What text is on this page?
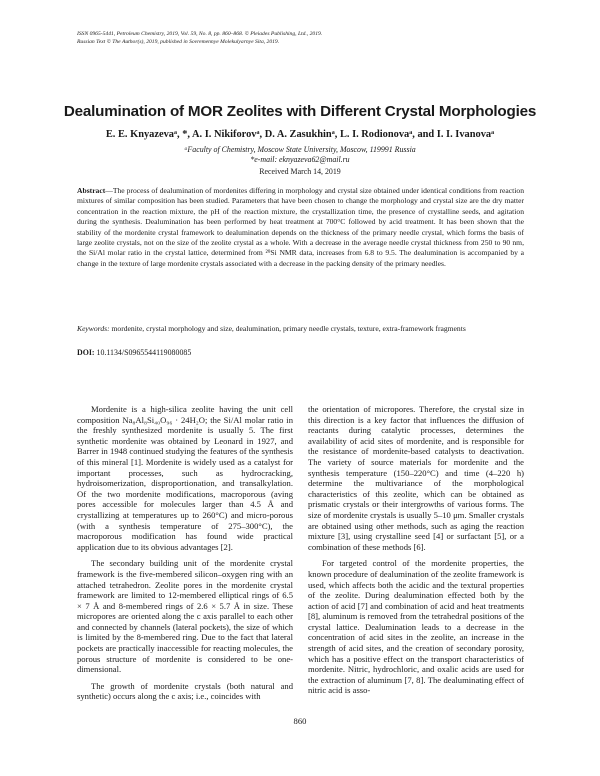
ISSN 0965-5441, Petroleum Chemistry, 2019, Vol. 59, No. 8, pp. 860–868. © Pleiades Publishing, Ltd., 2019.
Russian Text © The Author(s), 2019, published in Sovremennye Molekulyarnye Sita, 2019.
Dealumination of MOR Zeolites with Different Crystal Morphologies
E. E. Knyazevaᵃ, *, A. I. Nikiforovᵃ, D. A. Zasukhinᵃ, L. I. Rodionovaᵃ, and I. I. Ivanovaᵃ
ᵃFaculty of Chemistry, Moscow State University, Moscow, 119991 Russia
*e-mail: eknyazeva62@mail.ru
Received March 14, 2019

Abstract—The process of dealumination of mordenites differing in morphology and crystal size obtained under identical conditions from reaction mixtures of similar composition has been studied. Parameters that have been chosen to change the morphology and crystal size are the dry matter concentration in the reaction mixture, the pH of the reaction mixture, the crystallization time, the presence of crystalline seeds, and agitation during the synthesis. Dealumination has been performed by heat treatment at 700°C followed by acid treatment. It has been shown that the stability of the mordenite crystal framework to dealumination depends on the thickness of the primary needle crystal, which forms the basis of large zeolite crystals, not on the size of the zeolite crystal as a whole. With a decrease in the average needle crystal thickness from 250 to 90 nm, the Si/Al molar ratio in the crystal lattice, determined from ²⁹Si NMR data, increases from 6.8 to 9.5. The dealumination is accompanied by a change in the texture of large mordenite crystals associated with a decrease in the packing density of the primary needles.

Keywords: mordenite, crystal morphology and size, dealumination, primary needle crystals, texture, extra-framework fragments

DOI: 10.1134/S0965544119080085

Mordenite is a high-silica zeolite having the unit cell composition Na₈Al₈Si₄₀O₉₆ · 24H₂O; the Si/Al molar ratio in the freshly synthesized mordenite is usually 5. The first synthetic mordenite was obtained by Leonard in 1927, and Barrer in 1948 continued studying the features of the synthesis of this mineral [1]. Mordenite is widely used as a catalyst for important processes, such as hydrocracking, hydroisomerization, disproportionation, and transalkylation. Of the two mordenite modifications, macroporous (aving pores accessible for molecules larger than 4.5 Å and crystallizing at temperatures up to 260°C) and micro-porous (with a synthesis temperature of 275–300°C), the macroporous modification has found wide practical application due to its obvious advantages [2].

The secondary building unit of the mordenite crystal framework is the five-membered silicon–oxygen ring with an attached tetrahedron. Zeolite pores in the mordenite crystal framework are limited to 12-membered elliptical rings of 6.5 × 7 Å and 8-membered rings of 2.6 × 5.7 Å in size. These micropores are oriented along the c axis parallel to each other and connected by channels (lateral pockets), the size of which is limited by the 8-membered ring. Due to the fact that lateral pockets are practically inaccessible for reacting molecules, the porous structure of mordenite is considered to be one-dimensional.

The growth of mordenite crystals (both natural and synthetic) occurs along the c axis; i.e., coincides with

the orientation of micropores. Therefore, the crystal size in this direction is a key factor that influences the diffusion of reactants during catalytic processes, determines the availability of acid sites of mordenite, and is responsible for the resistance of mordenite-based catalysts to deactivation. The variety of source materials for mordenite and the synthesis temperature (150–220°C) and time (4–220 h) determine the multivariance of the morphological characteristics of this zeolite, which can be obtained as prismatic crystals or their intergrowths of various forms. The size of mordenite crystals is usually 5–10 μm. Smaller crystals are obtained using other methods, such as aging the reaction mixture [3], using crystalline seed [4] or surfactant [5], or a combination of these methods [6].

For targeted control of the mordenite properties, the known procedure of dealumination of the zeolite framework is used, which affects both the acidic and the textural properties of the zeolite. During dealumination effected both by the action of acid [7] and combination of acid and heat treatments [8], aluminum is removed from the tetrahedral positions of the crystal lattice. Dealumination leads to a decrease in the concentration of acid sites in the zeolite, an increase in the strength of acid sites, and the creation of secondary porosity, which has a positive effect on the transport characteristics of mordenite. Nitric, hydrochloric, and oxalic acids are used for the extraction of aluminum [7, 8]. The dealuminating effect of nitric acid is asso-

860
